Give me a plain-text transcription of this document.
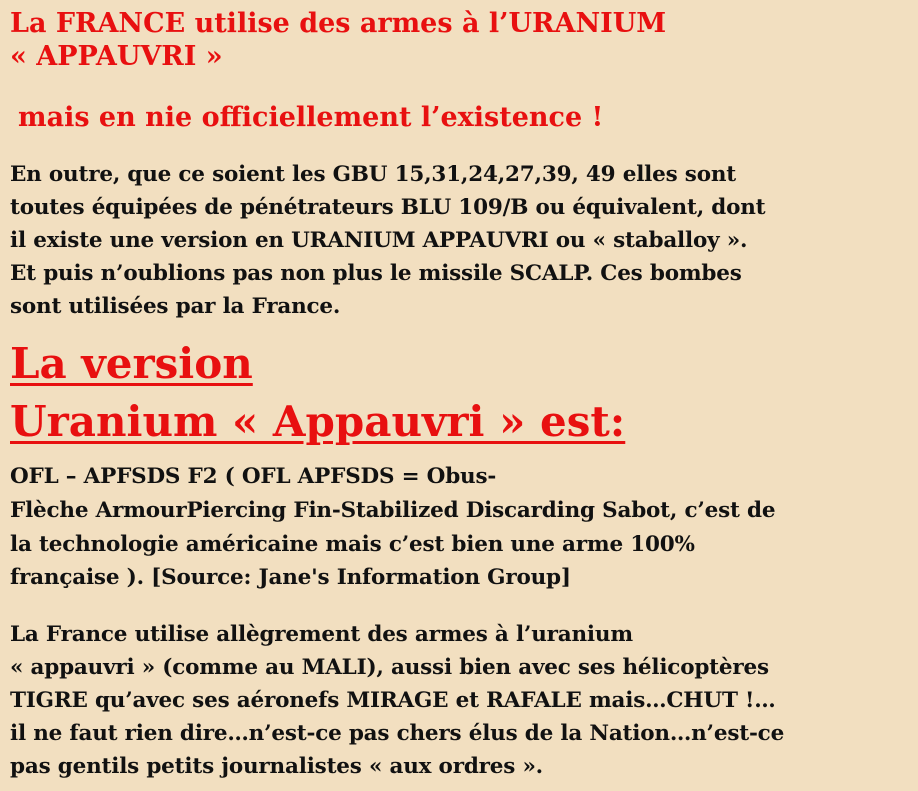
La FRANCE utilise des armes à l’URANIUM
« APPAUVRI »
mais en nie officiellement l’existence !
En outre, que ce soient les GBU 15,31,24,27,39, 49 elles sont
toutes équipées de pénétrateurs BLU 109/B ou équivalent, dont
il existe une version en URANIUM APPAUVRI ou « staballoy ».
Et puis n’oublions pas non plus le missile SCALP. Ces bombes
sont utilisées par la France.
La version
Uranium « Appauvri » est:
OFL – APFSDS F2 ( OFL APFSDS = Obus-
Flèche ArmourPiercing Fin-Stabilized Discarding Sabot, c’est de
la technologie américaine mais c’est bien une arme 100%
française ). [Source: Jane's Information Group]
La France utilise allègrement des armes à l’uranium
« appauvri » (comme au MALI), aussi bien avec ses hélicoptères
TIGRE qu’avec ses aéronefs MIRAGE et RAFALE mais…CHUT !…
il ne faut rien dire…n’est-ce pas chers élus de la Nation…n’est-ce
pas gentils petits journalistes « aux ordres ».
